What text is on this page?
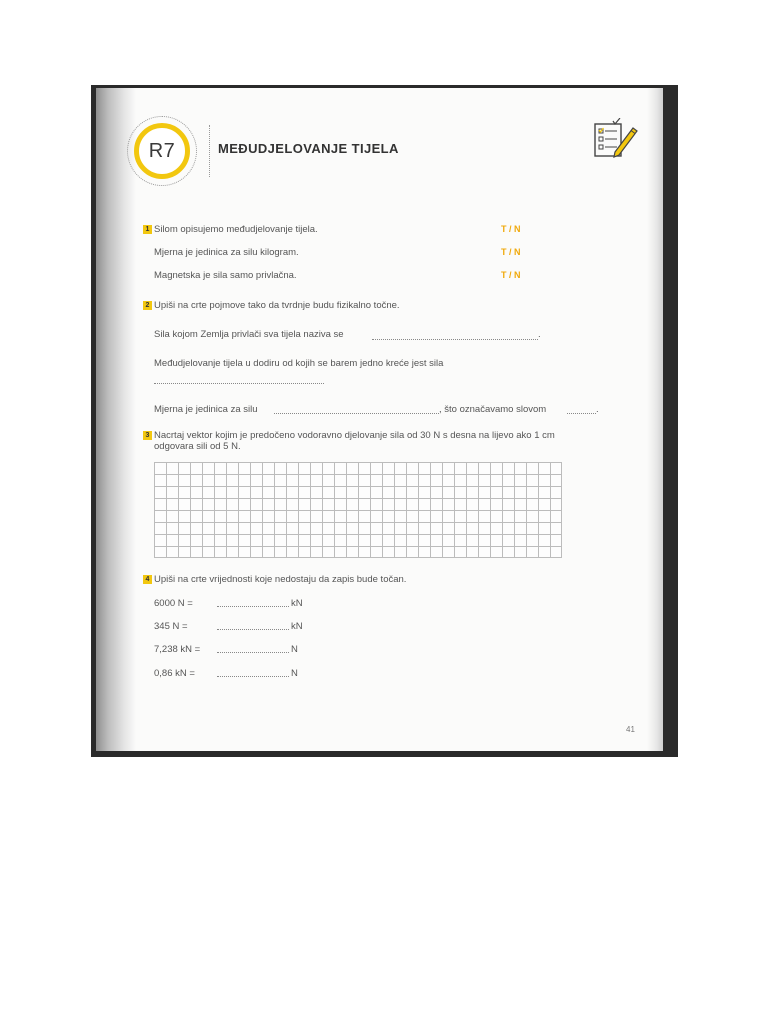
R7	MEĐUDJELOVANJE TIJELA
1 Silom opisujemo međudjelovanje tijela.	T / N
Mjerna je jedinica za silu kilogram.	T / N
Magnetska je sila samo privlačna.	T / N
2 Upiši na crte pojmove tako da tvrdnje budu fizikalno točne.
Sila kojom Zemlja privlači sva tijela naziva se	.
Međudjelovanje tijela u dodiru od kojih se barem jedno kreće jest sila
Mjerna je jedinica za silu	, što označavamo slovom	.
3 Nacrtaj vektor kojim je predočeno vodoravno djelovanje sila od 30 N s desna na lijevo ako 1 cm
odgovara sili od 5 N.
4 Upiši na crte vrijednosti koje nedostaju da zapis bude točan.
6000 N =	kN
345 N =	kN
7,238 kN =	N
0,86 kN =	N
41
